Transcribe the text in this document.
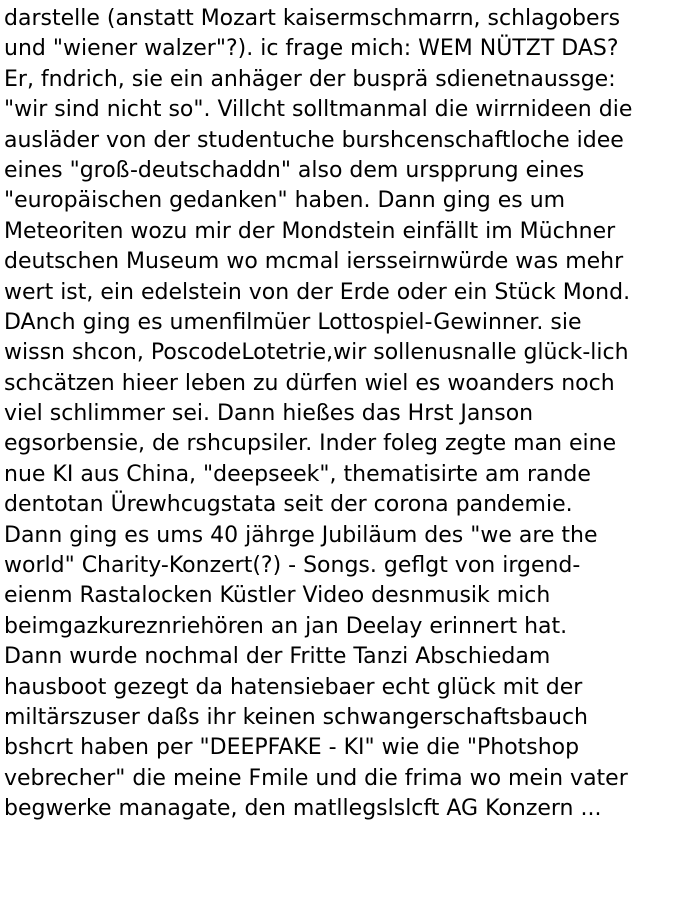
darstelle (anstatt Mozart kaisermschmarrn, schlagobers
und "wiener walzer"?). ic frage mich: WEM NÜTZT DAS?
Er, fndrich, sie ein anhäger der busprä sdienetnaussge:
"wir sind nicht so". Villcht solltmanmal die wirrnideen die
ausläder von der studentuche burshcenschaftloche idee
eines "groß-deutschaddn" also dem urspprung eines
"europäischen gedanken" haben. Dann ging es um
Meteoriten wozu mir der Mondstein einfällt im Müchner
deutschen Museum wo mcmal iersseirnwürde was mehr
wert ist, ein edelstein von der Erde oder ein Stück Mond.
DAnch ging es umenfilmüer Lottospiel-Gewinner. sie
wissn shcon, PoscodeLotetrie,wir sollenusnalle glück-lich
schcätzen hieer leben zu dürfen wiel es woanders noch
viel schlimmer sei. Dann hießes das Hrst Janson
egsorbensie, de rshcupsiler. Inder foleg zegte man eine
nue KI aus China, "deepseek", thematisirte am rande
dentotan Ürewhcugstata seit der corona pandemie.
Dann ging es ums 40 jährge Jubiläum des "we are the
world" Charity-Konzert(?) - Songs. geflgt von irgend-
eienm Rastalocken Küstler Video desnmusik mich
beimgazkureznriehören an jan Deelay erinnert hat.
Dann wurde nochmal der Fritte Tanzi Abschiedam
hausboot gezegt da hatensiebaer echt glück mit der
miltärszuser daßs ihr keinen schwangerschaftsbauch
bshcrt haben per "DEEPFAKE - KI" wie die "Photshop
vebrecher" die meine Fmile und die frima wo mein vater
begwerke managate, den matllegslslcft AG Konzern ...
